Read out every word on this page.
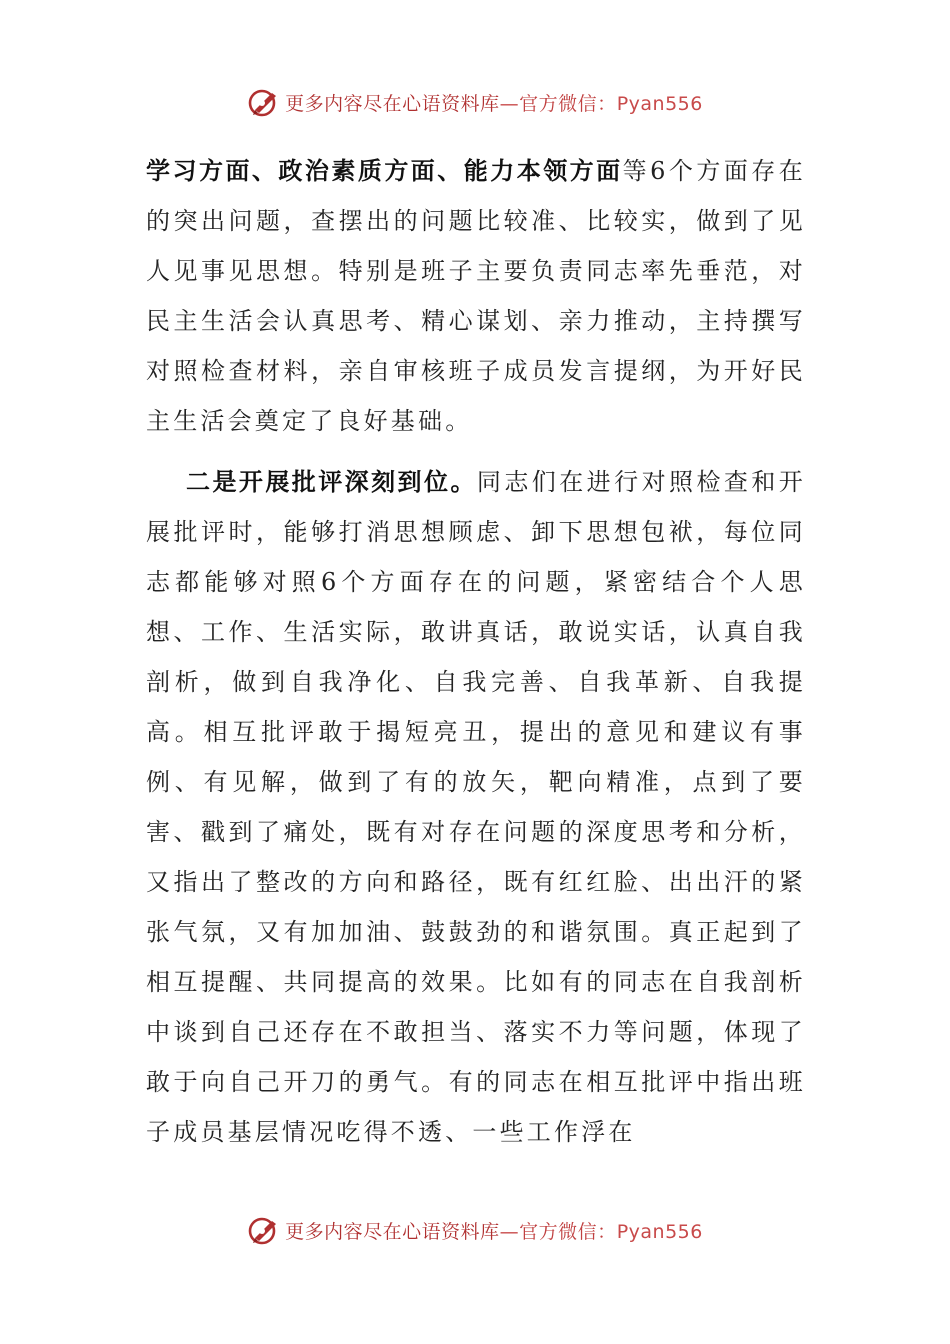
更多内容尽在心语资料库—官方微信：Pyan556

学习方面、政治素质方面、能力本领方面等6个方面存在的突出问题，查摆出的问题比较准、比较实，做到了见人见事见思想。特别是班子主要负责同志率先垂范，对民主生活会认真思考、精心谋划、亲力推动，主持撰写对照检查材料，亲自审核班子成员发言提纲，为开好民主生活会奠定了良好基础。

二是开展批评深刻到位。同志们在进行对照检查和开展批评时，能够打消思想顾虑、卸下思想包袱，每位同志都能够对照6个方面存在的问题，紧密结合个人思想、工作、生活实际，敢讲真话，敢说实话，认真自我剖析，做到自我净化、自我完善、自我革新、自我提高。相互批评敢于揭短亮丑，提出的意见和建议有事例、有见解，做到了有的放矢，靶向精准，点到了要害、戳到了痛处，既有对存在问题的深度思考和分析，又指出了整改的方向和路径，既有红红脸、出出汗的紧张气氛，又有加加油、鼓鼓劲的和谐氛围。真正起到了相互提醒、共同提高的效果。比如有的同志在自我剖析中谈到自己还存在不敢担当、落实不力等问题，体现了敢于向自己开刀的勇气。有的同志在相互批评中指出班子成员基层情况吃得不透、一些工作浮在

更多内容尽在心语资料库—官方微信：Pyan556
